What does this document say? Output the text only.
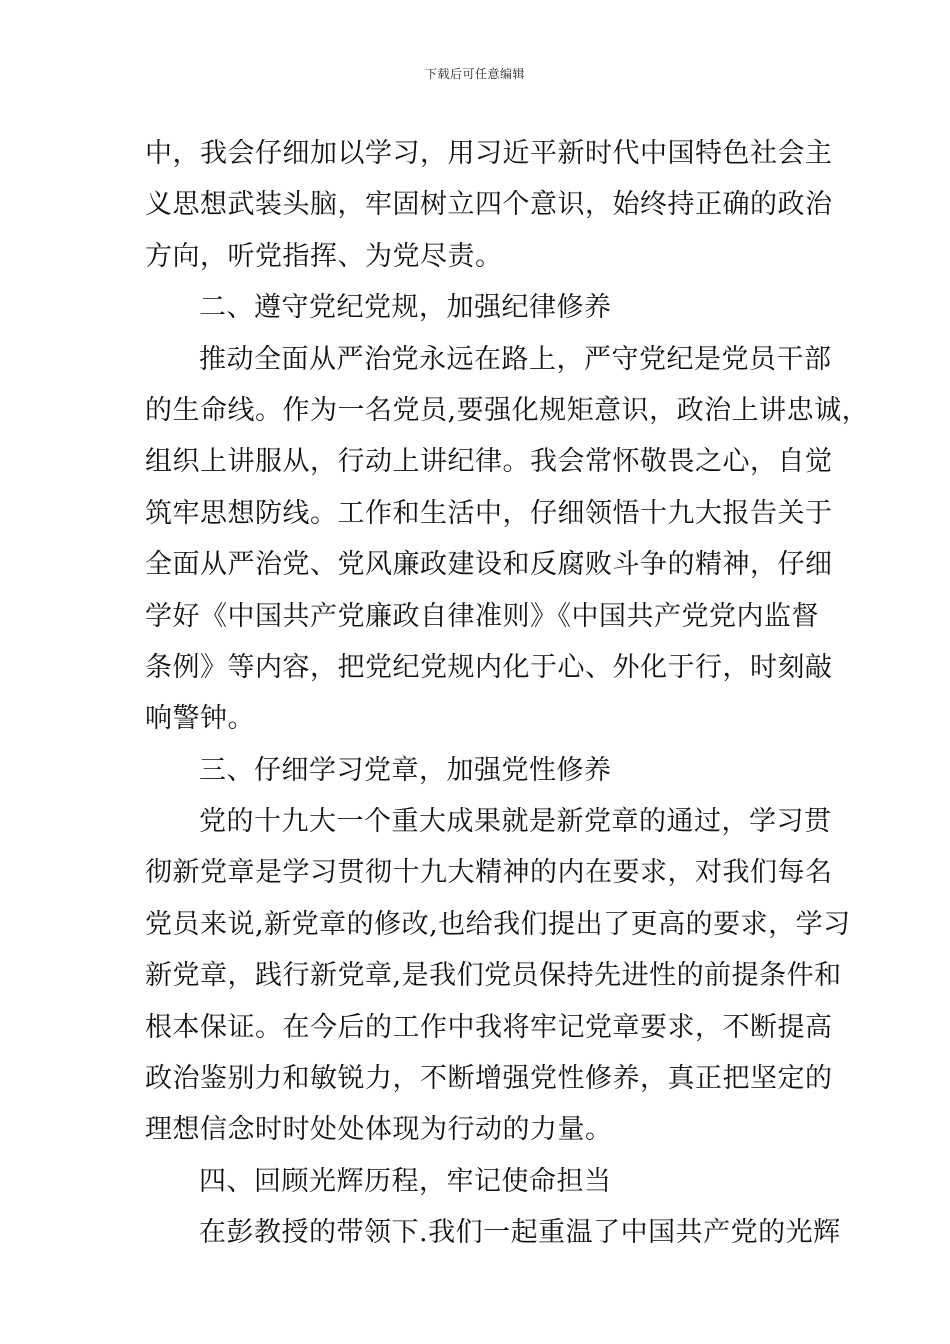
下载后可任意编辑
中，我会仔细加以学习，用习近平新时代中国特色社会主
义思想武装头脑，牢固树立四个意识，始终持正确的政治
方向，听党指挥、为党尽责。
二、遵守党纪党规，加强纪律修养
推动全面从严治党永远在路上，严守党纪是党员干部
的生命线。作为一名党员,要强化规矩意识，政治上讲忠诚，
组织上讲服从，行动上讲纪律。我会常怀敬畏之心，自觉
筑牢思想防线。工作和生活中，仔细领悟十九大报告关于
全面从严治党、党风廉政建设和反腐败斗争的精神，仔细
学好《中国共产党廉政自律准则》《中国共产党党内监督
条例》等内容，把党纪党规内化于心、外化于行，时刻敲
响警钟。
三、仔细学习党章，加强党性修养
党的十九大一个重大成果就是新党章的通过，学习贯
彻新党章是学习贯彻十九大精神的内在要求，对我们每名
党员来说,新党章的修改,也给我们提出了更高的要求，学习
新党章，践行新党章,是我们党员保持先进性的前提条件和
根本保证。在今后的工作中我将牢记党章要求，不断提高
政治鉴别力和敏锐力，不断增强党性修养，真正把坚定的
理想信念时时处处体现为行动的力量。
四、回顾光辉历程，牢记使命担当
在彭教授的带领下.我们一起重温了中国共产党的光辉
